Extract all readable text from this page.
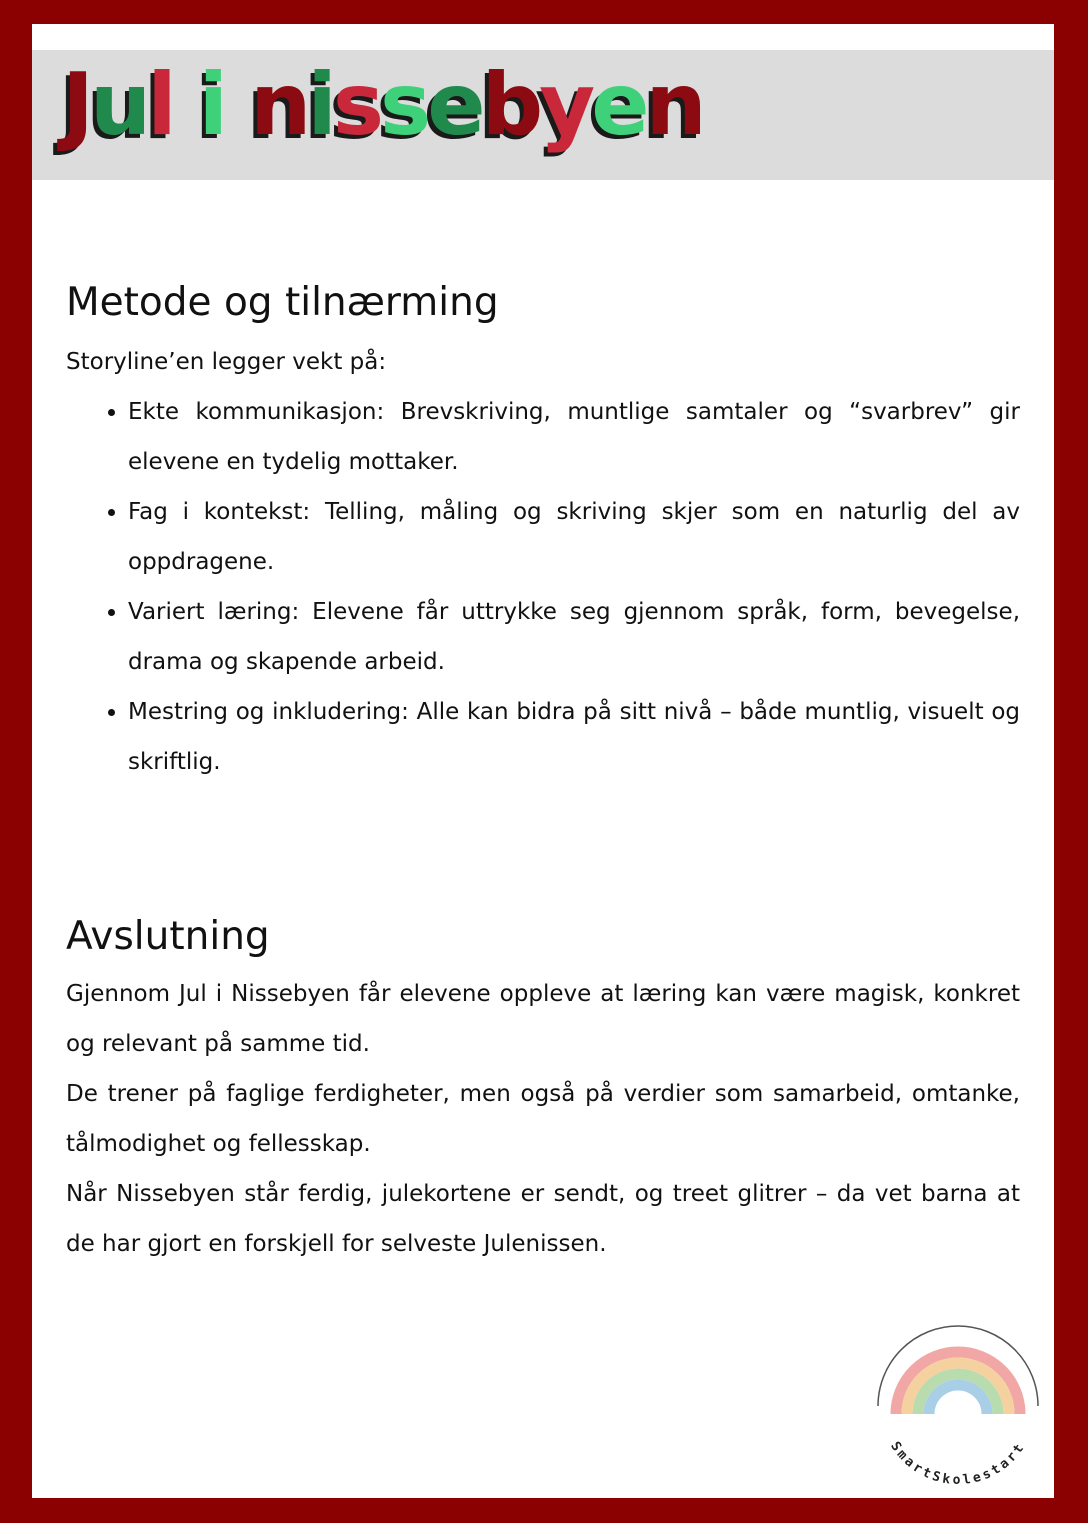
Jul i nissebyen
Metode og tilnærming

Storyline’en legger vekt på:

• Ekte kommunikasjon: Brevskriving, muntlige samtaler og “svarbrev” gir elevene en tydelig mottaker.
• Fag i kontekst: Telling, måling og skriving skjer som en naturlig del av oppdragene.
• Variert læring: Elevene får uttrykke seg gjennom språk, form, bevegelse, drama og skapende arbeid.
• Mestring og inkludering: Alle kan bidra på sitt nivå – både muntlig, visuelt og skriftlig.
Avslutning

Gjennom Jul i Nissebyen får elevene oppleve at læring kan være magisk, konkret og relevant på samme tid.

De trener på faglige ferdigheter, men også på verdier som samarbeid, omtanke, tålmodighet og fellesskap.

Når Nissebyen står ferdig, julekortene er sendt, og treet glitrer – da vet barna at de har gjort en forskjell for selveste Julenissen.

SmartSkolestart
